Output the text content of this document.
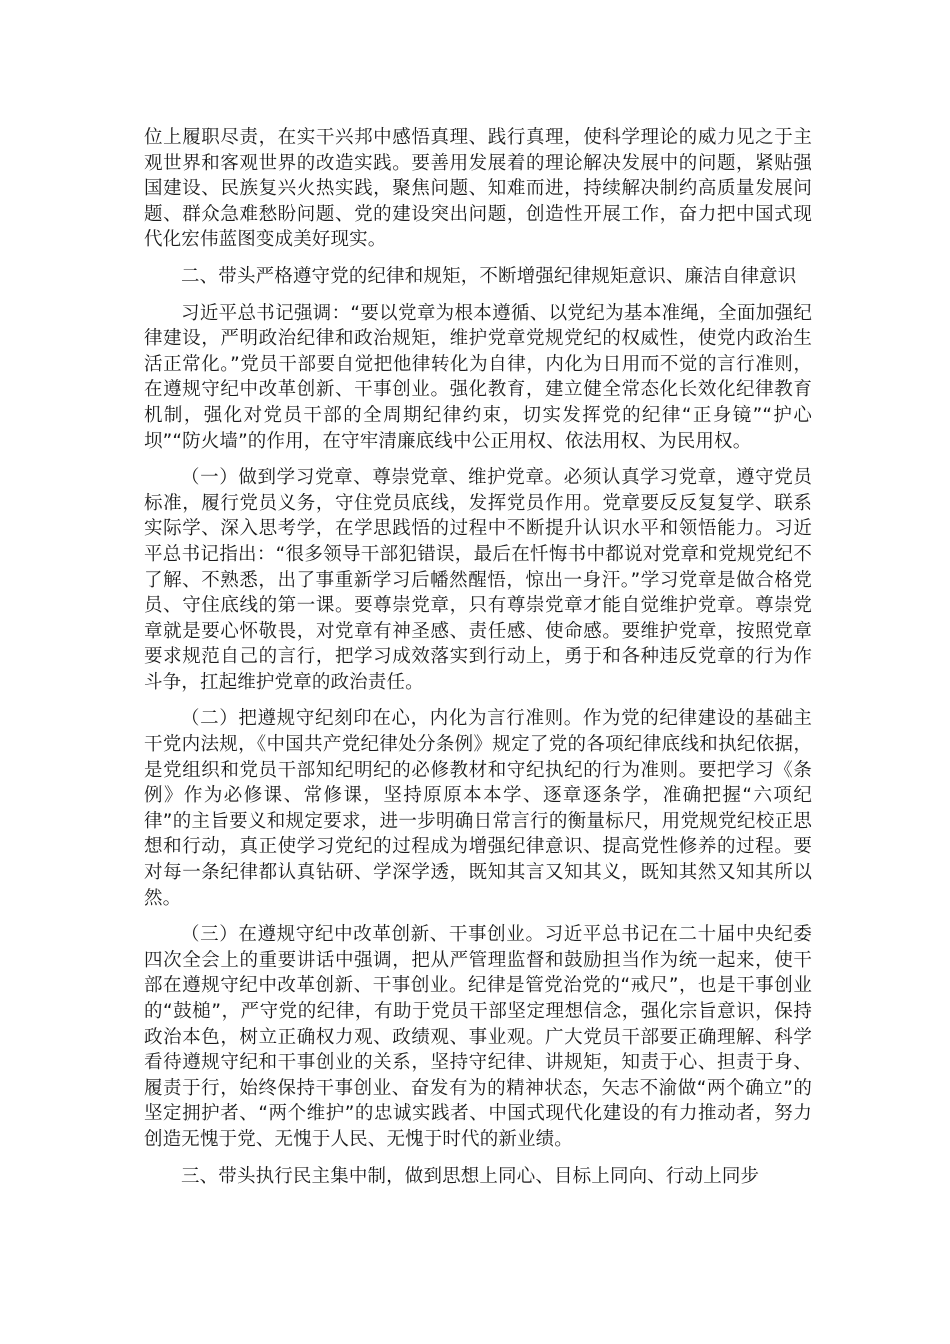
位上履职尽责，在实干兴邦中感悟真理、践行真理，使科学理论的威力见之于主观世界和客观世界的改造实践。要善用发展着的理论解决发展中的问题，紧贴强国建设、民族复兴火热实践，聚焦问题、知难而进，持续解决制约高质量发展问题、群众急难愁盼问题、党的建设突出问题，创造性开展工作，奋力把中国式现代化宏伟蓝图变成美好现实。

二、带头严格遵守党的纪律和规矩，不断增强纪律规矩意识、廉洁自律意识

习近平总书记强调：“要以党章为根本遵循、以党纪为基本准绳，全面加强纪律建设，严明政治纪律和政治规矩，维护党章党规党纪的权威性，使党内政治生活正常化。”党员干部要自觉把他律转化为自律，内化为日用而不觉的言行准则，在遵规守纪中改革创新、干事创业。强化教育，建立健全常态化长效化纪律教育机制，强化对党员干部的全周期纪律约束，切实发挥党的纪律“正身镜”“护心坝”“防火墙”的作用，在守牢清廉底线中公正用权、依法用权、为民用权。

（一）做到学习党章、尊崇党章、维护党章。必须认真学习党章，遵守党员标准，履行党员义务，守住党员底线，发挥党员作用。党章要反反复复学、联系实际学、深入思考学，在学思践悟的过程中不断提升认识水平和领悟能力。习近平总书记指出：“很多领导干部犯错误，最后在忏悔书中都说对党章和党规党纪不了解、不熟悉，出了事重新学习后幡然醒悟，惊出一身汗。”学习党章是做合格党员、守住底线的第一课。要尊崇党章，只有尊崇党章才能自觉维护党章。尊崇党章就是要心怀敬畏，对党章有神圣感、责任感、使命感。要维护党章，按照党章要求规范自己的言行，把学习成效落实到行动上，勇于和各种违反党章的行为作斗争，扛起维护党章的政治责任。

（二）把遵规守纪刻印在心，内化为言行准则。作为党的纪律建设的基础主干党内法规，《中国共产党纪律处分条例》规定了党的各项纪律底线和执纪依据，是党组织和党员干部知纪明纪的必修教材和守纪执纪的行为准则。要把学习《条例》作为必修课、常修课，坚持原原本本学、逐章逐条学，准确把握“六项纪律”的主旨要义和规定要求，进一步明确日常言行的衡量标尺，用党规党纪校正思想和行动，真正使学习党纪的过程成为增强纪律意识、提高党性修养的过程。要对每一条纪律都认真钻研、学深学透，既知其言又知其义，既知其然又知其所以然。

（三）在遵规守纪中改革创新、干事创业。习近平总书记在二十届中央纪委四次全会上的重要讲话中强调，把从严管理监督和鼓励担当作为统一起来，使干部在遵规守纪中改革创新、干事创业。纪律是管党治党的“戒尺”，也是干事创业的“鼓槌”，严守党的纪律，有助于党员干部坚定理想信念，强化宗旨意识，保持政治本色，树立正确权力观、政绩观、事业观。广大党员干部要正确理解、科学看待遵规守纪和干事创业的关系，坚持守纪律、讲规矩，知责于心、担责于身、履责于行，始终保持干事创业、奋发有为的精神状态，矢志不渝做“两个确立”的坚定拥护者、“两个维护”的忠诚实践者、中国式现代化建设的有力推动者，努力创造无愧于党、无愧于人民、无愧于时代的新业绩。

三、带头执行民主集中制，做到思想上同心、目标上同向、行动上同步
